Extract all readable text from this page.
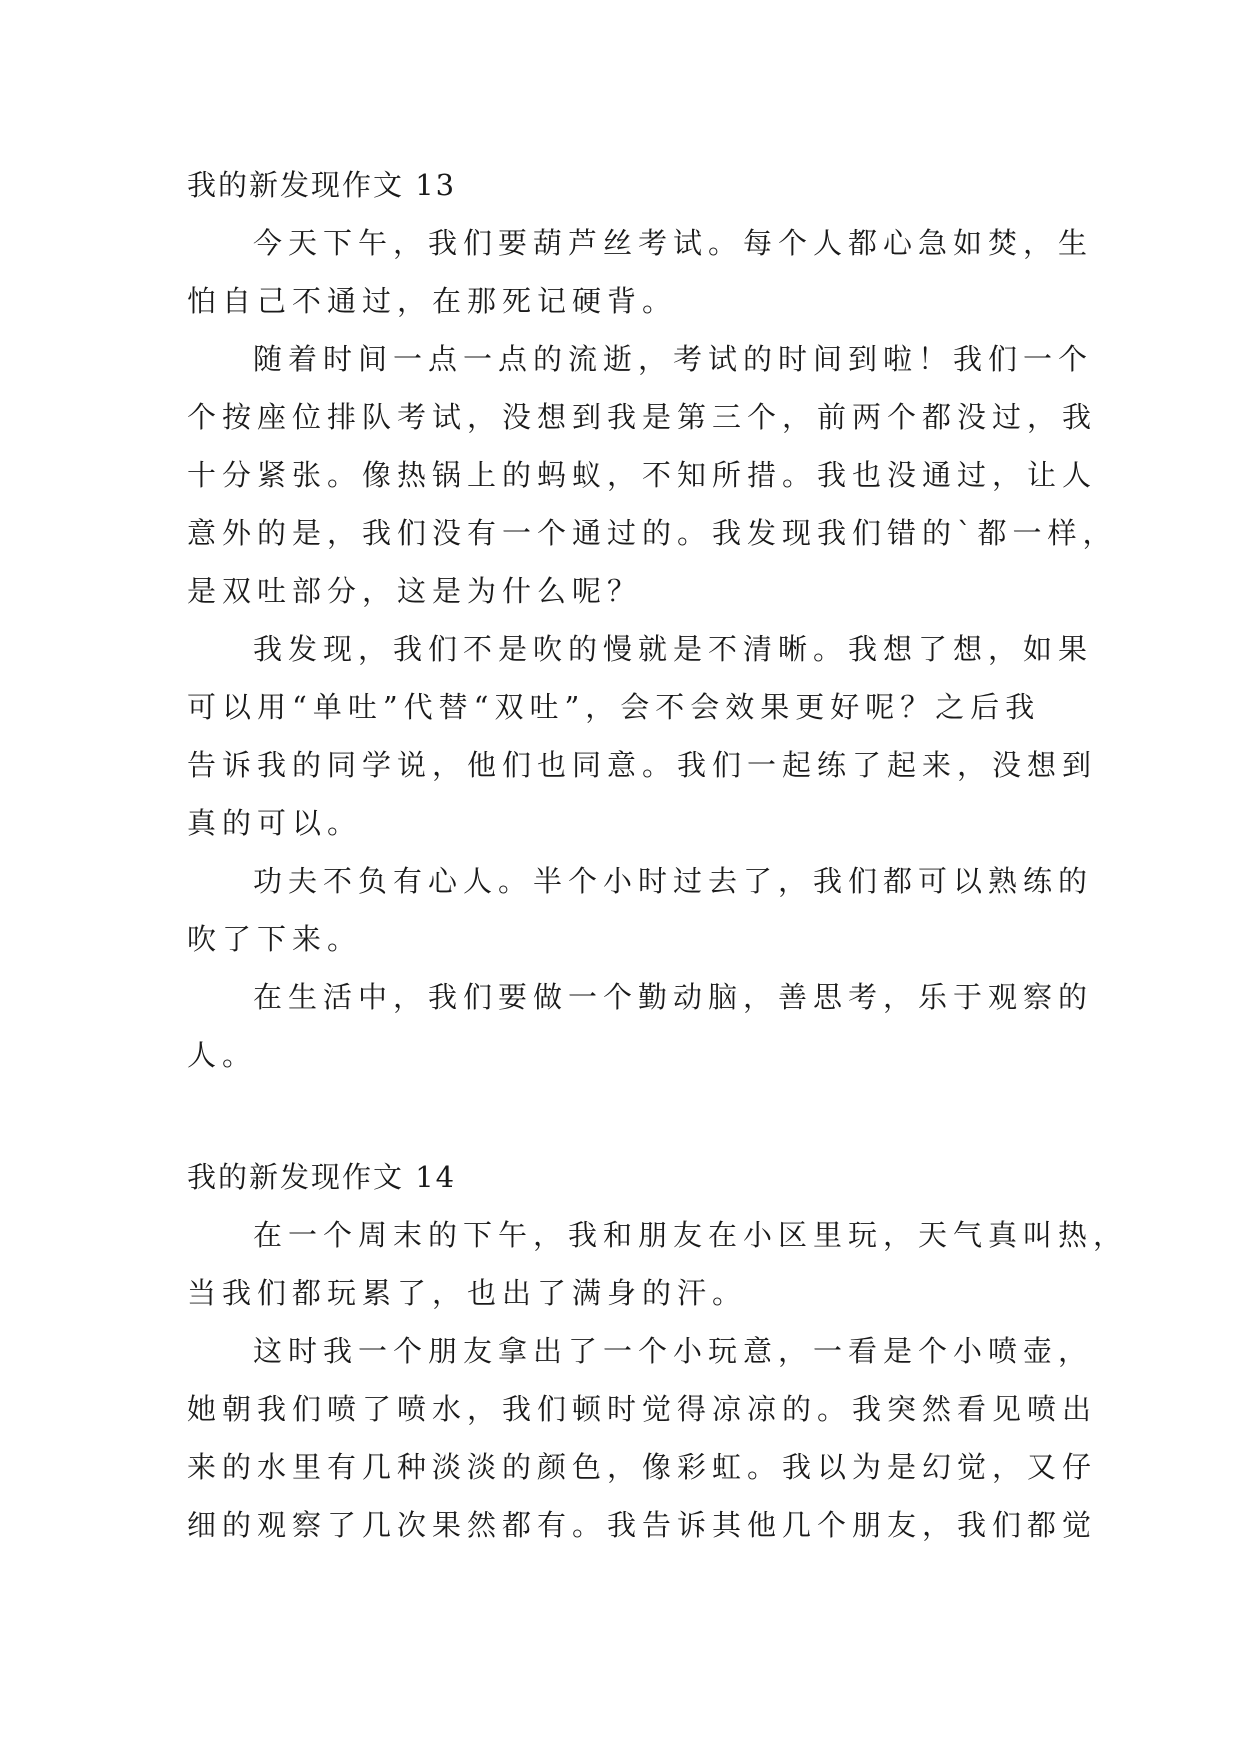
我的新发现作文 13
今天下午，我们要葫芦丝考试。每个人都心急如焚，生
怕自己不通过，在那死记硬背。
随着时间一点一点的流逝，考试的时间到啦！我们一个
个按座位排队考试，没想到我是第三个，前两个都没过，我
十分紧张。像热锅上的蚂蚁，不知所措。我也没通过，让人
意外的是，我们没有一个通过的。我发现我们错的`都一样，
是双吐部分，这是为什么呢？
我发现，我们不是吹的慢就是不清晰。我想了想，如果
可以用“单吐”代替“双吐”，会不会效果更好呢？之后我
告诉我的同学说，他们也同意。我们一起练了起来，没想到
真的可以。
功夫不负有心人。半个小时过去了，我们都可以熟练的
吹了下来。
在生活中，我们要做一个勤动脑，善思考，乐于观察的
人。
我的新发现作文 14
在一个周末的下午，我和朋友在小区里玩，天气真叫热，
当我们都玩累了，也出了满身的汗。
这时我一个朋友拿出了一个小玩意，一看是个小喷壶，
她朝我们喷了喷水，我们顿时觉得凉凉的。我突然看见喷出
来的水里有几种淡淡的颜色，像彩虹。我以为是幻觉，又仔
细的观察了几次果然都有。我告诉其他几个朋友，我们都觉
